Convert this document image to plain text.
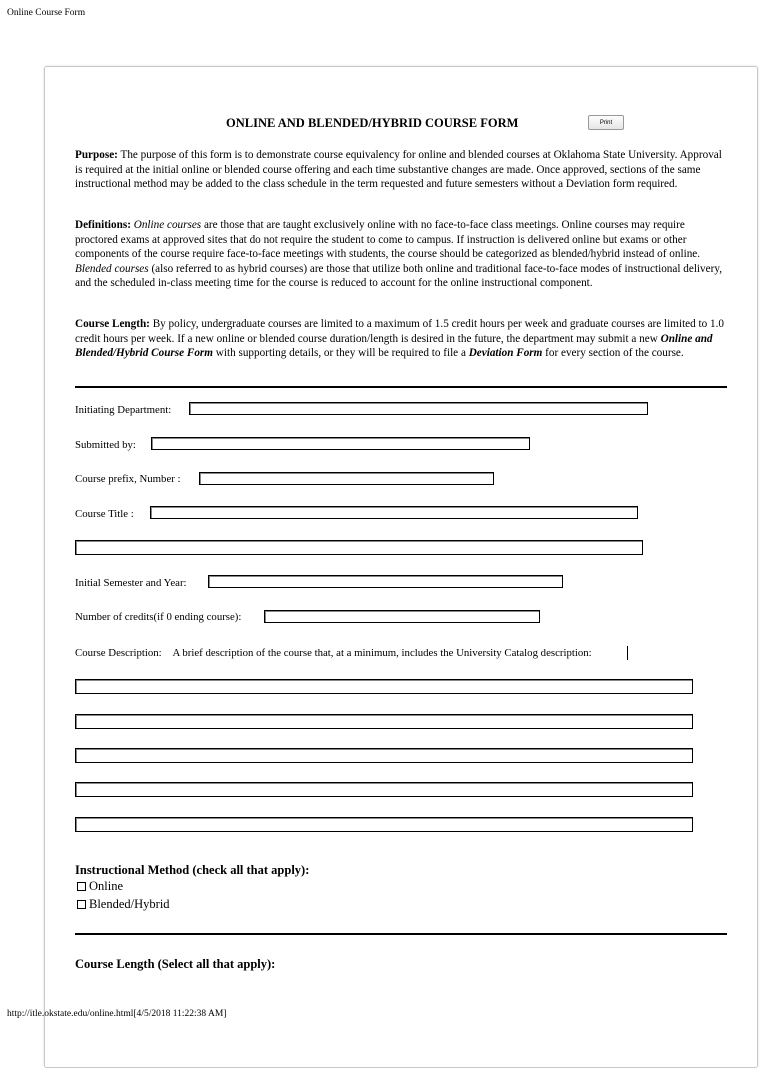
Online Course Form
ONLINE AND BLENDED/HYBRID COURSE FORM	Print

Purpose: The purpose of this form is to demonstrate course equivalency for online and blended courses at Oklahoma State University. Approval is required at the initial online or blended course offering and each time substantive changes are made. Once approved, sections of the same instructional method may be added to the class schedule in the term requested and future semesters without a Deviation form required.

Definitions: Online courses are those that are taught exclusively online with no face-to-face class meetings. Online courses may require proctored exams at approved sites that do not require the student to come to campus. If instruction is delivered online but exams or other components of the course require face-to-face meetings with students, the course should be categorized as blended/hybrid instead of online. Blended courses (also referred to as hybrid courses) are those that utilize both online and traditional face-to-face modes of instructional delivery, and the scheduled in-class meeting time for the course is reduced to account for the online instructional component.

Course Length: By policy, undergraduate courses are limited to a maximum of 1.5 credit hours per week and graduate courses are limited to 1.0 credit hours per week. If a new online or blended course duration/length is desired in the future, the department may submit a new Online and Blended/Hybrid Course Form with supporting details, or they will be required to file a Deviation Form for every section of the course.

Initiating Department:
Submitted by:
Course prefix, Number :
Course Title :
Initial Semester and Year:
Number of credits(if 0 ending course):
Course Description: A brief description of the course that, at a minimum, includes the University Catalog description:
Instructional Method (check all that apply):
Online
Blended/Hybrid
Course Length (Select all that apply):
http://itle.okstate.edu/online.html[4/5/2018 11:22:38 AM]
